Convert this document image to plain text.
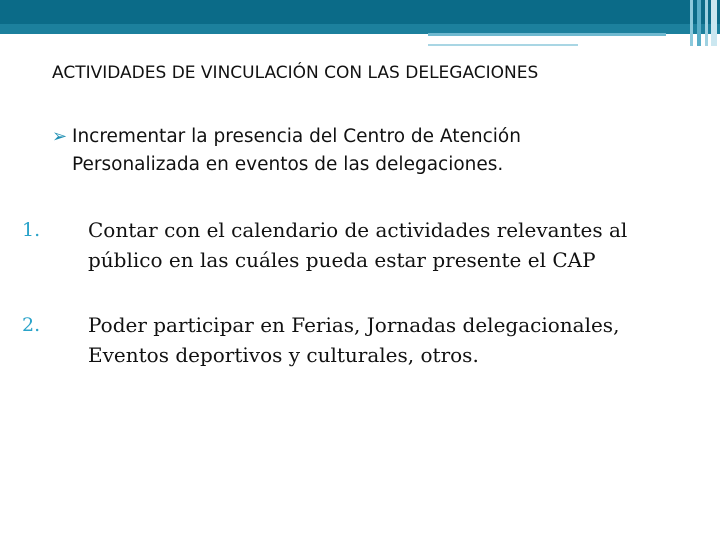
ACTIVIDADES DE VINCULACIÓN CON LAS DELEGACIONES
➢ Incrementar la presencia del Centro de Atención
Personalizada en eventos de las delegaciones.
1. Contar con el calendario de actividades relevantes al
público en las cuáles pueda estar presente el CAP
2. Poder participar en Ferias, Jornadas delegacionales,
Eventos deportivos y culturales, otros.
